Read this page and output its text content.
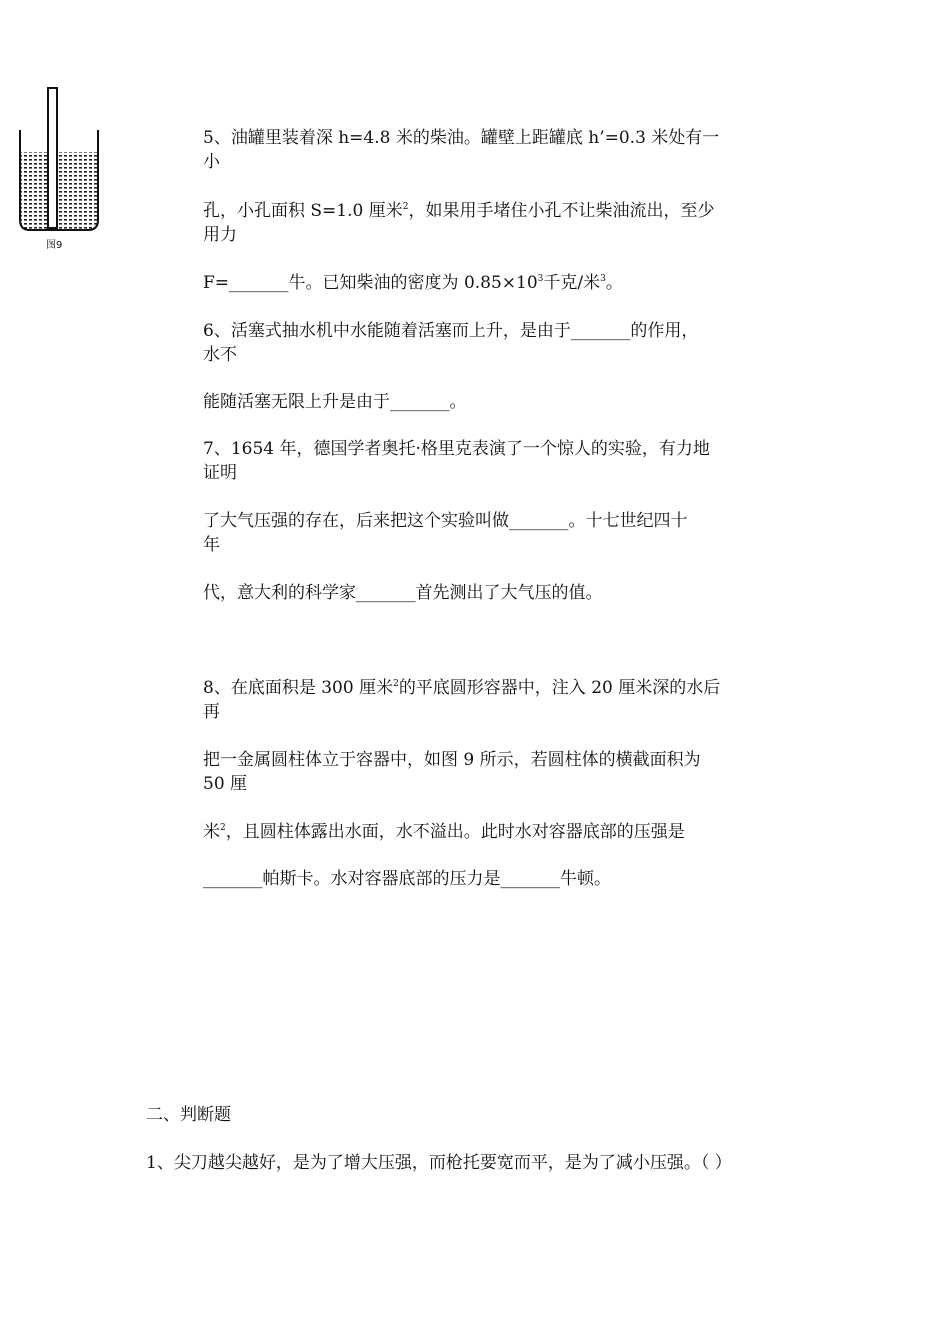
图9
5、油罐里装着深 h=4.8 米的柴油。罐壁上距罐底 h’=0.3 米处有一
小
孔，小孔面积 S=1.0 厘米$^2$，如果用手堵住小孔不让柴油流出，至少
用力
F=_______牛。已知柴油的密度为 $0.85\times 10^3$千克/米$^3$。
6、活塞式抽水机中水能随着活塞而上升，是由于_______的作用，
水不
能随活塞无限上升是由于_______。
7、1654 年，德国学者奥托·格里克表演了一个惊人的实验，有力地
证明
了大气压强的存在，后来把这个实验叫做_______。十七世纪四十
年
代，意大利的科学家_______首先测出了大气压的值。
8、在底面积是 300 厘米$^2$的平底圆形容器中，注入 20 厘米深的水后
再
把一金属圆柱体立于容器中，如图 9 所示，若圆柱体的横截面积为
50 厘
米$^2$，且圆柱体露出水面，水不溢出。此时水对容器底部的压强是
_______帕斯卡。水对容器底部的压力是_______牛顿。
二、判断题
1、尖刀越尖越好，是为了增大压强，而枪托要宽而平，是为了减小压强。（ ）
